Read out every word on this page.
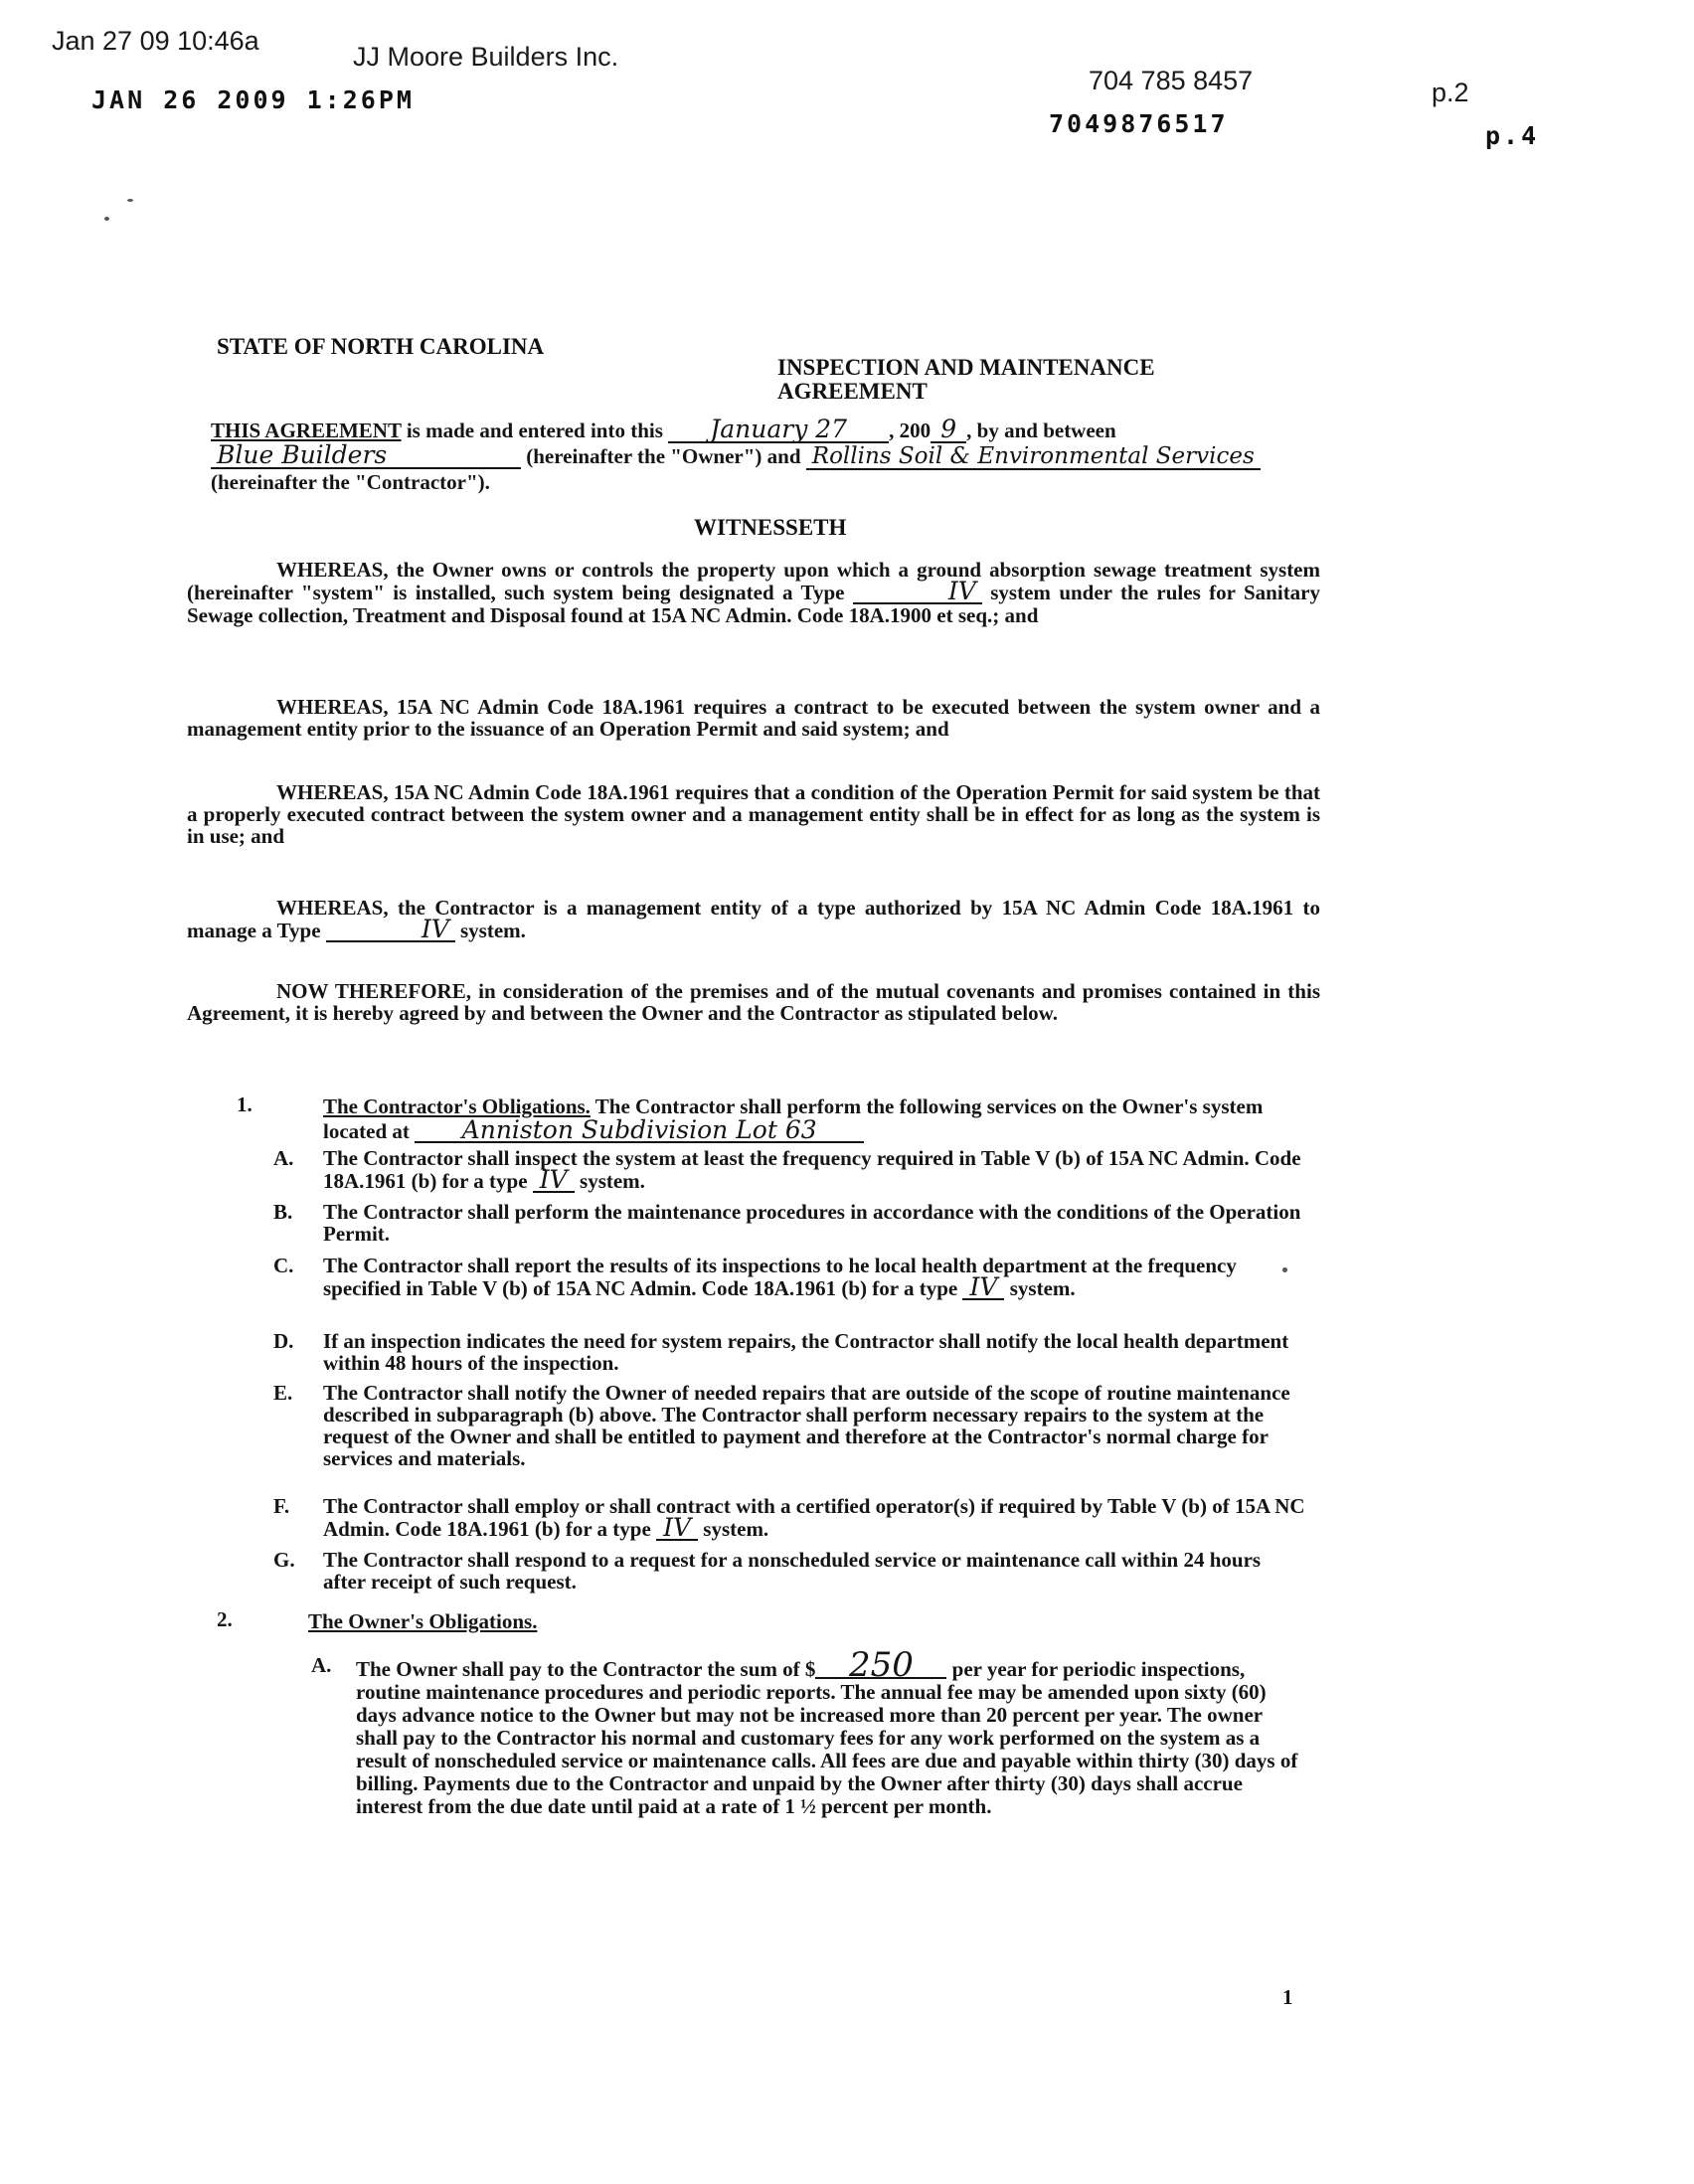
Jan 27 09 10:46a
JJ Moore Builders Inc.
704 785 8457	p.2
JAN 26 2009 1:26PM
7049876517	p.4
STATE OF NORTH CAROLINA
INSPECTION AND MAINTENANCE
AGREEMENT
THIS AGREEMENT is made and entered into this January 27 , 200 9 , by and between
Blue Builders	(hereinafter the "Owner") and Rollins Soil & Environmental Services
(hereinafter the "Contractor").
WITNESSETH
WHEREAS, the Owner owns or controls the property upon which a ground absorption sewage treatment system (hereinafter "system" is installed, such system being designated a Type	IV system under the rules for Sanitary Sewage collection, Treatment and Disposal found at 15A NC Admin. Code 18A.1900 et seq.; and
WHEREAS, 15A NC Admin Code 18A.1961 requires a contract to be executed between the system owner and a management entity prior to the issuance of an Operation Permit and said system; and
WHEREAS, 15A NC Admin Code 18A.1961 requires that a condition of the Operation Permit for said system be that a properly executed contract between the system owner and a management entity shall be in effect for as long as the system is in use; and
WHEREAS, the Contractor is a management entity of a type authorized by 15A NC Admin Code 18A.1961 to manage a Type	IV system.
NOW THEREFORE, in consideration of the premises and of the mutual covenants and promises contained in this Agreement, it is hereby agreed by and between the Owner and the Contractor as stipulated below.
1.	The Contractor's Obligations. The Contractor shall perform the following services on the Owner's system located at Anniston Subdivision Lot 63
A. The Contractor shall inspect the system at least the frequency required in Table V (b) of 15A NC Admin. Code 18A.1961 (b) for a type IV system.
B. The Contractor shall perform the maintenance procedures in accordance with the conditions of the Operation Permit.
C. The Contractor shall report the results of its inspections to he local health department at the frequency specified in Table V (b) of 15A NC Admin. Code 18A.1961 (b) for a type IV system.
D. If an inspection indicates the need for system repairs, the Contractor shall notify the local health department within 48 hours of the inspection.
E. The Contractor shall notify the Owner of needed repairs that are outside of the scope of routine maintenance described in subparagraph (b) above. The Contractor shall perform necessary repairs to the system at the request of the Owner and shall be entitled to payment and therefore at the Contractor's normal charge for services and materials.
F. The Contractor shall employ or shall contract with a certified operator(s) if required by Table V (b) of 15A NC Admin. Code 18A.1961 (b) for a type IV system.
G. The Contractor shall respond to a request for a nonscheduled service or maintenance call within 24 hours after receipt of such request.
2.	The Owner's Obligations.
A. The Owner shall pay to the Contractor the sum of $ 250 per year for periodic inspections, routine maintenance procedures and periodic reports. The annual fee may be amended upon sixty (60) days advance notice to the Owner but may not be increased more than 20 percent per year. The owner shall pay to the Contractor his normal and customary fees for any work performed on the system as a result of nonscheduled service or maintenance calls. All fees are due and payable within thirty (30) days of billing. Payments due to the Contractor and unpaid by the Owner after thirty (30) days shall accrue interest from the due date until paid at a rate of 1 ½ percent per month.
1
